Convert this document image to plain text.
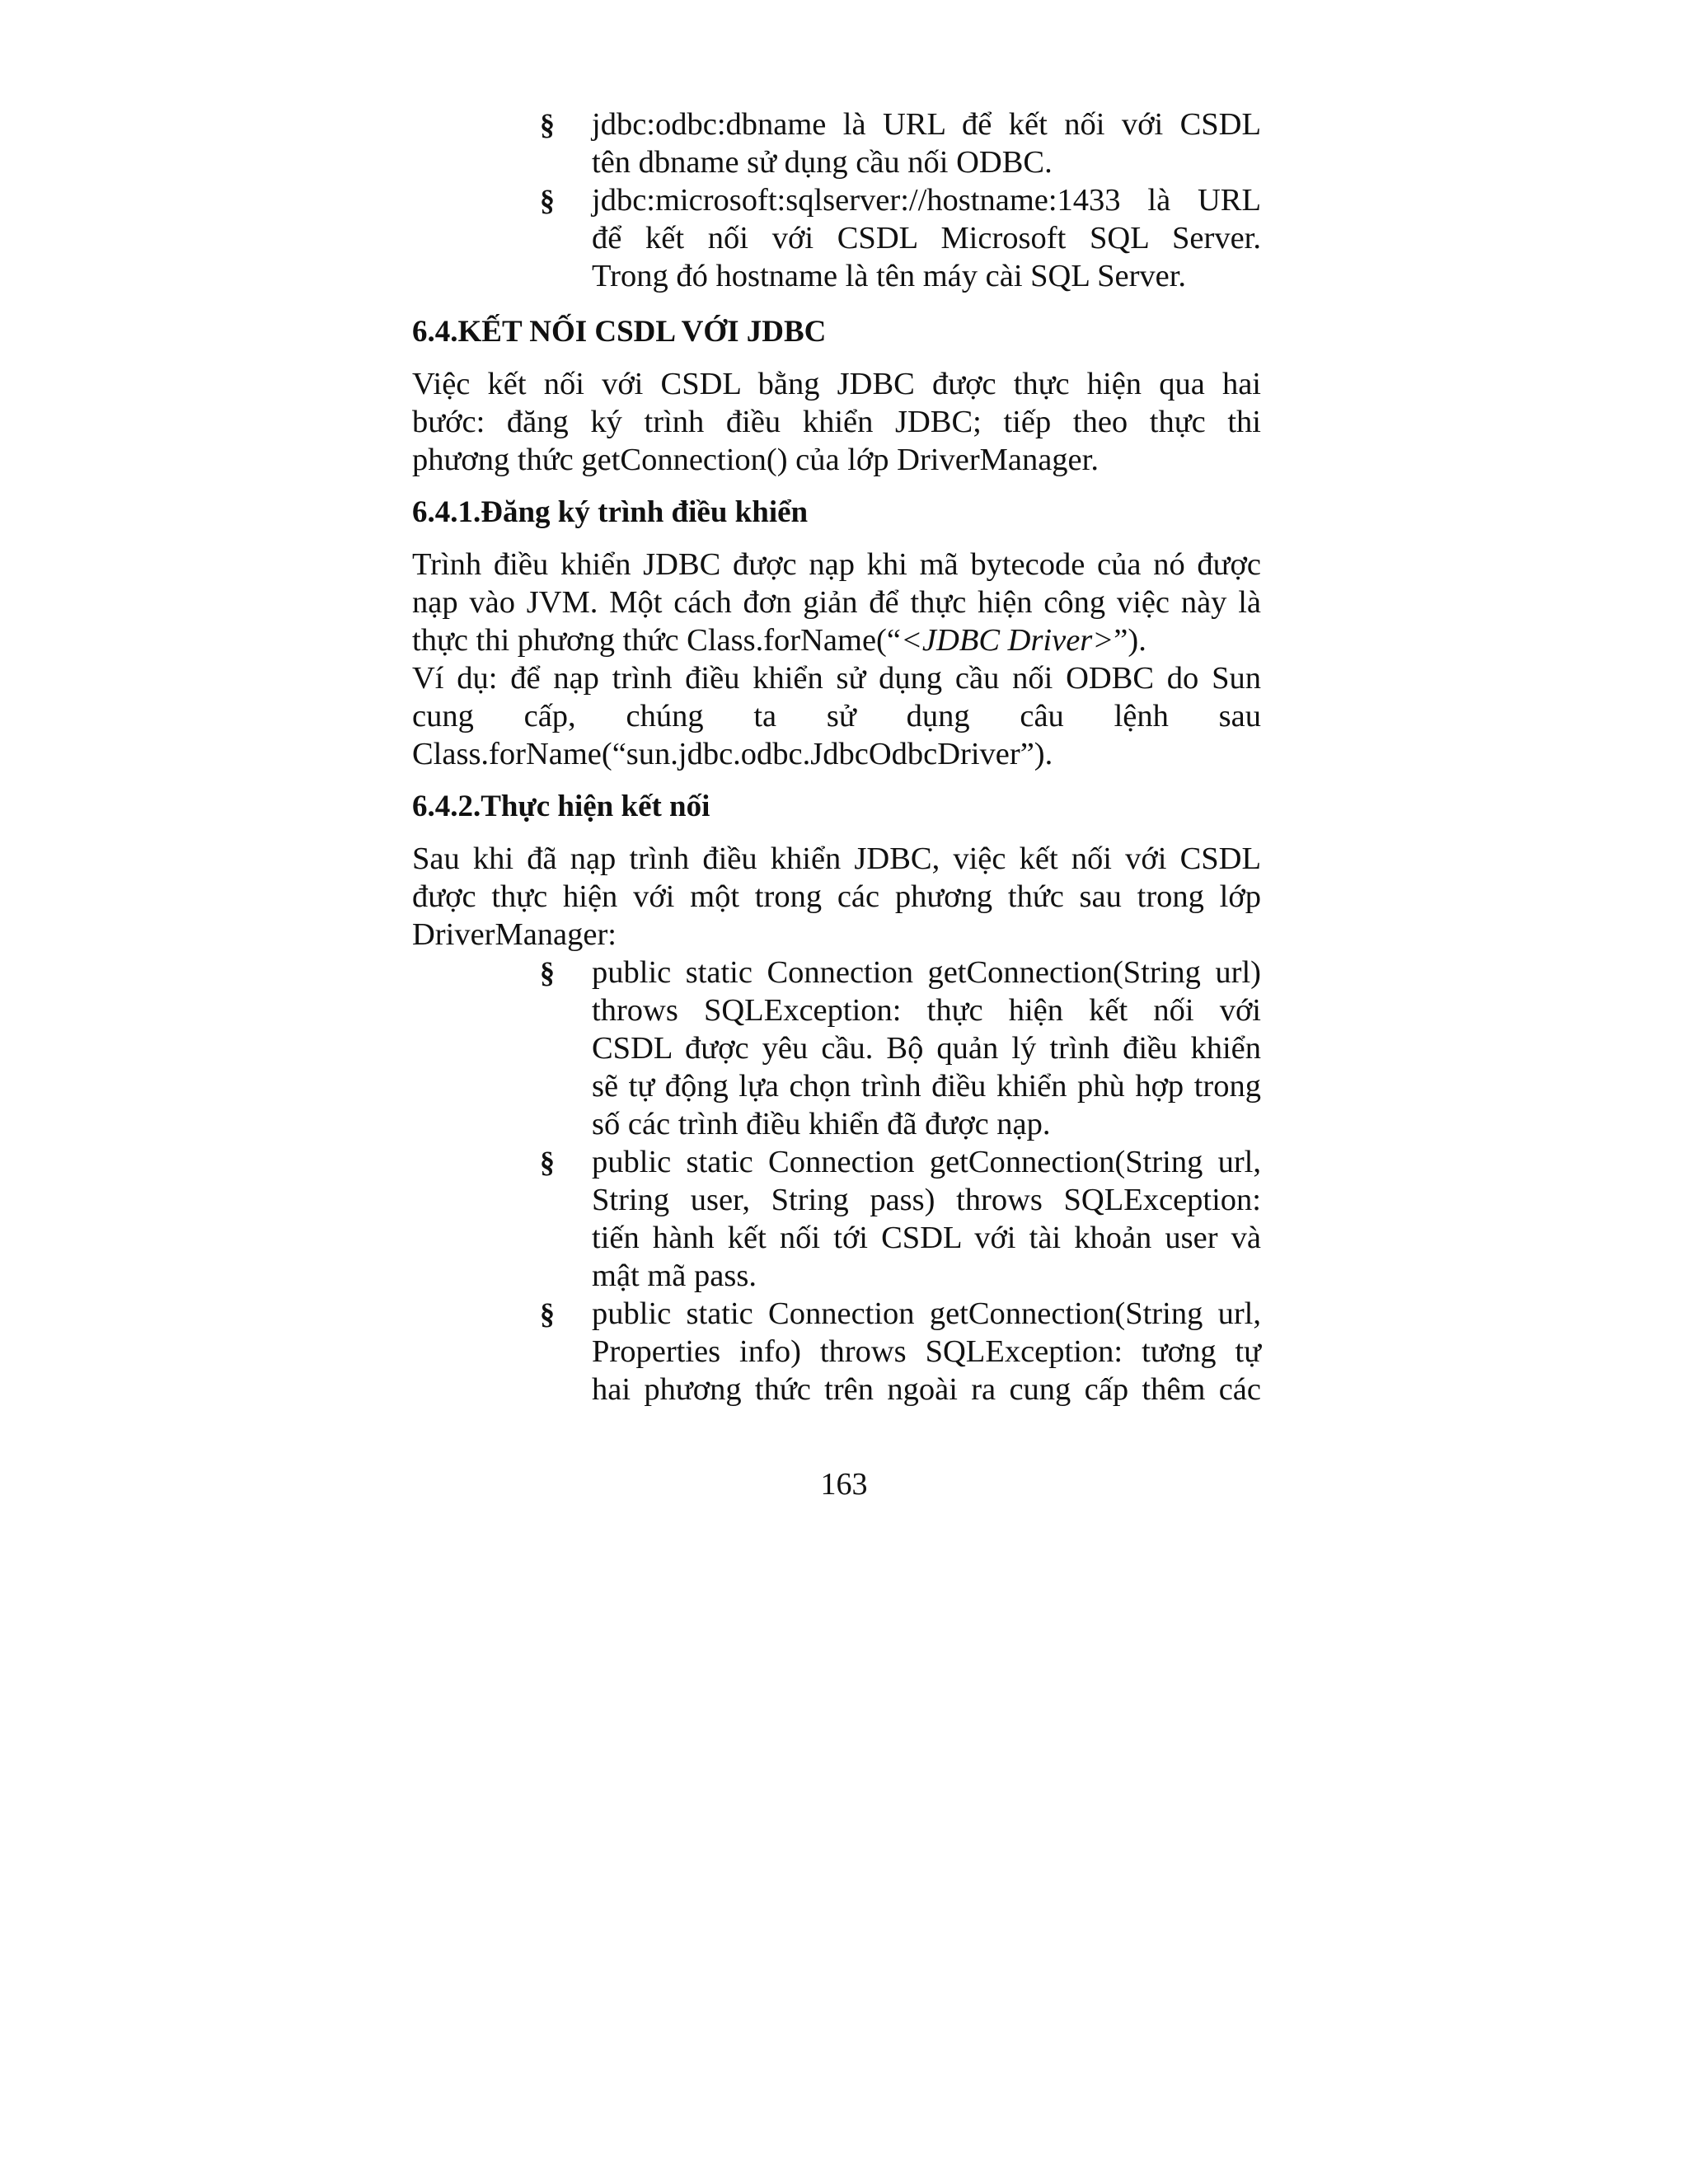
§ jdbc:odbc:dbname là URL để kết nối với CSDL
tên dbname sử dụng cầu nối ODBC.
§ jdbc:microsoft:sqlserver://hostname:1433 là URL
để kết nối với CSDL Microsoft SQL Server.
Trong đó hostname là tên máy cài SQL Server.
6.4.KẾT NỐI CSDL VỚI JDBC

Việc kết nối với CSDL bằng JDBC được thực hiện qua hai
bước: đăng ký trình điều khiển JDBC; tiếp theo thực thi
phương thức getConnection() của lớp DriverManager.

6.4.1.Đăng ký trình điều khiển

Trình điều khiển JDBC được nạp khi mã bytecode của nó được
nạp vào JVM. Một cách đơn giản để thực hiện công việc này là
thực thi phương thức Class.forName(“<JDBC Driver>”).
Ví dụ: để nạp trình điều khiển sử dụng cầu nối ODBC do Sun
cung cấp, chúng ta sử dụng câu lệnh sau
Class.forName(“sun.jdbc.odbc.JdbcOdbcDriver”).

6.4.2.Thực hiện kết nối

Sau khi đã nạp trình điều khiển JDBC, việc kết nối với CSDL
được thực hiện với một trong các phương thức sau trong lớp
DriverManager:

§ public static Connection getConnection(String url)
throws SQLException: thực hiện kết nối với
CSDL được yêu cầu. Bộ quản lý trình điều khiển
sẽ tự động lựa chọn trình điều khiển phù hợp trong
số các trình điều khiển đã được nạp.
§ public static Connection getConnection(String url,
String user, String pass) throws SQLException:
tiến hành kết nối tới CSDL với tài khoản user và
mật mã pass.
§ public static Connection getConnection(String url,
Properties info) throws SQLException: tương tự
hai phương thức trên ngoài ra cung cấp thêm các
163
